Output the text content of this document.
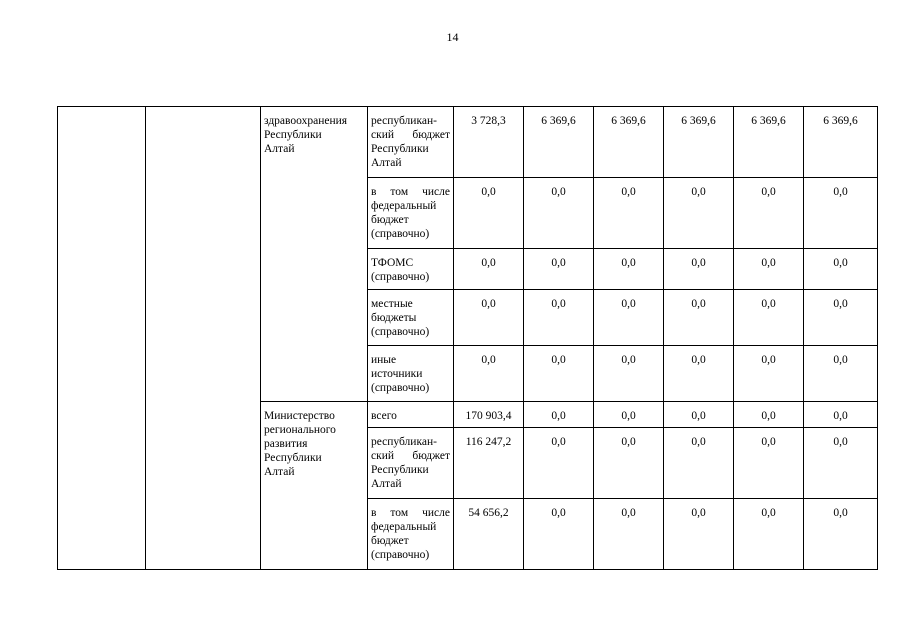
14

		здравоохранения
Республики
Алтай	республикан-
ский бюджет
Республики
Алтай	3 728,3	6 369,6	6 369,6	6 369,6	6 369,6	6 369,6

			в том числе
федеральный
бюджет
(справочно)	0,0	0,0	0,0	0,0	0,0	0,0

			ТФОМС
(справочно)	0,0	0,0	0,0	0,0	0,0	0,0

			местные
бюджеты
(справочно)	0,0	0,0	0,0	0,0	0,0	0,0

			иные
источники
(справочно)	0,0	0,0	0,0	0,0	0,0	0,0

		Министерство
регионального
развития
Республики
Алтай	всего	170 903,4	0,0	0,0	0,0	0,0	0,0

			республикан-
ский бюджет
Республики
Алтай	116 247,2	0,0	0,0	0,0	0,0	0,0

			в том числе
федеральный
бюджет
(справочно)	54 656,2	0,0	0,0	0,0	0,0	0,0
